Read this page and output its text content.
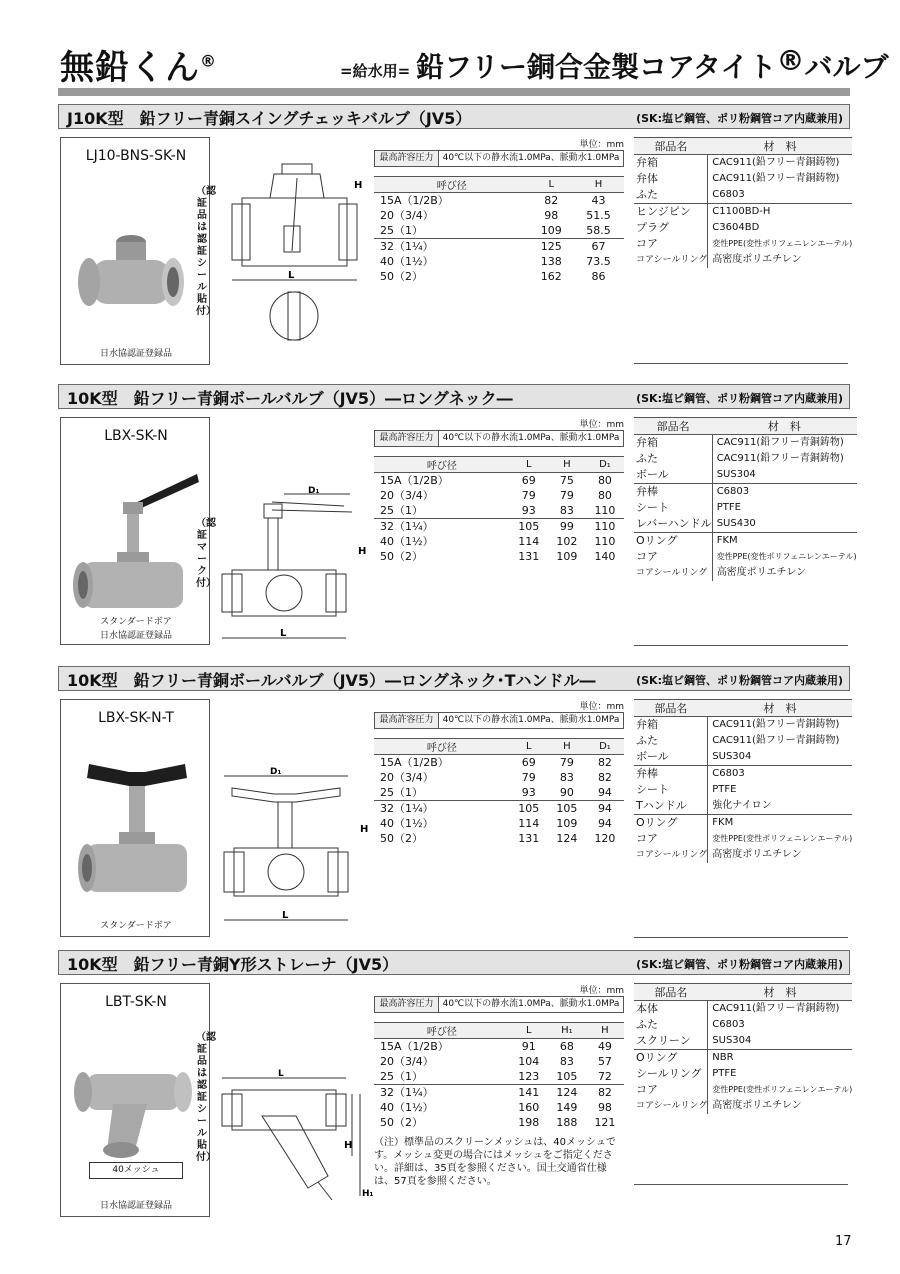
無鉛くん®
=給水用= 鉛フリー銅合金製コアタイト®バルブ
J10K型　鉛フリー青銅スイングチェッキバルブ（JV5）	(SK:塩ビ鋼管、ポリ粉鋼管コア内蔵兼用)
LJ10-BNS-SK-N
（認証品は認証シール貼付）
日水協認証登録品
H
L
単位：mm
最高許容圧力	40℃以下の静水流1.0MPa、脈動水1.0MPa
呼び径	L	H
15A（1/2B）	82	43
20（3/4）	98	51.5
25（1）	109	58.5
32（1¼）	125	67
40（1½）	138	73.5
50（2）	162	86
部品名	材　料
弁箱	CAC911(鉛フリー青銅鋳物)
弁体	CAC911(鉛フリー青銅鋳物)
ふた	C6803
ヒンジピン	C1100BD-H
プラグ	C3604BD
コア	変性PPE(変性ポリフェニレンエーテル)
コアシールリング	高密度ポリエチレン
10K型　鉛フリー青銅ボールバルブ（JV5）―ロングネック―	(SK:塩ビ鋼管、ポリ粉鋼管コア内蔵兼用)
LBX-SK-N
（認証マーク付）
スタンダードボア
日水協認証登録品
D₁
H
L
単位：mm
最高許容圧力	40℃以下の静水流1.0MPa、脈動水1.0MPa
呼び径	L	H	D₁
15A（1/2B）	69	75	80
20（3/4）	79	79	80
25（1）	93	83	110
32（1¼）	105	99	110
40（1½）	114	102	110
50（2）	131	109	140
部品名	材　料
弁箱	CAC911(鉛フリー青銅鋳物)
ふた	CAC911(鉛フリー青銅鋳物)
ボール	SUS304
弁棒	C6803
シート	PTFE
レバーハンドル	SUS430
Oリング	FKM
コア	変性PPE(変性ポリフェニレンエーテル)
コアシールリング	高密度ポリエチレン
10K型　鉛フリー青銅ボールバルブ（JV5）―ロングネック･Tハンドル―	(SK:塩ビ鋼管、ポリ粉鋼管コア内蔵兼用)
LBX-SK-N-T
スタンダードボア
D₁
H
L
単位：mm
最高許容圧力	40℃以下の静水流1.0MPa、脈動水1.0MPa
呼び径	L	H	D₁
15A（1/2B）	69	79	82
20（3/4）	79	83	82
25（1）	93	90	94
32（1¼）	105	105	94
40（1½）	114	109	94
50（2）	131	124	120
部品名	材　料
弁箱	CAC911(鉛フリー青銅鋳物)
ふた	CAC911(鉛フリー青銅鋳物)
ボール	SUS304
弁棒	C6803
シート	PTFE
Tハンドル	強化ナイロン
Oリング	FKM
コア	変性PPE(変性ポリフェニレンエーテル)
コアシールリング	高密度ポリエチレン
10K型　鉛フリー青銅Y形ストレーナ（JV5）	(SK:塩ビ鋼管、ポリ粉鋼管コア内蔵兼用)
LBT-SK-N
（認証品は認証シール貼付）
40メッシュ
日水協認証登録品
L
H
H₁
単位：mm
最高許容圧力	40℃以下の静水流1.0MPa、脈動水1.0MPa
呼び径	L	H₁	H
15A（1/2B）	91	68	49
20（3/4）	104	83	57
25（1）	123	105	72
32（1¼）	141	124	82
40（1½）	160	149	98
50（2）	198	188	121
（注）標準品のスクリーンメッシュは、40メッシュです。メッシュ変更の場合にはメッシュをご指定ください。詳細は、35頁を参照ください。国土交通省仕様は、57頁を参照ください。
部品名	材　料
本体	CAC911(鉛フリー青銅鋳物)
ふた	C6803
スクリーン	SUS304
Oリング	NBR
シールリング	PTFE
コア	変性PPE(変性ポリフェニレンエーテル)
コアシールリング	高密度ポリエチレン
17
